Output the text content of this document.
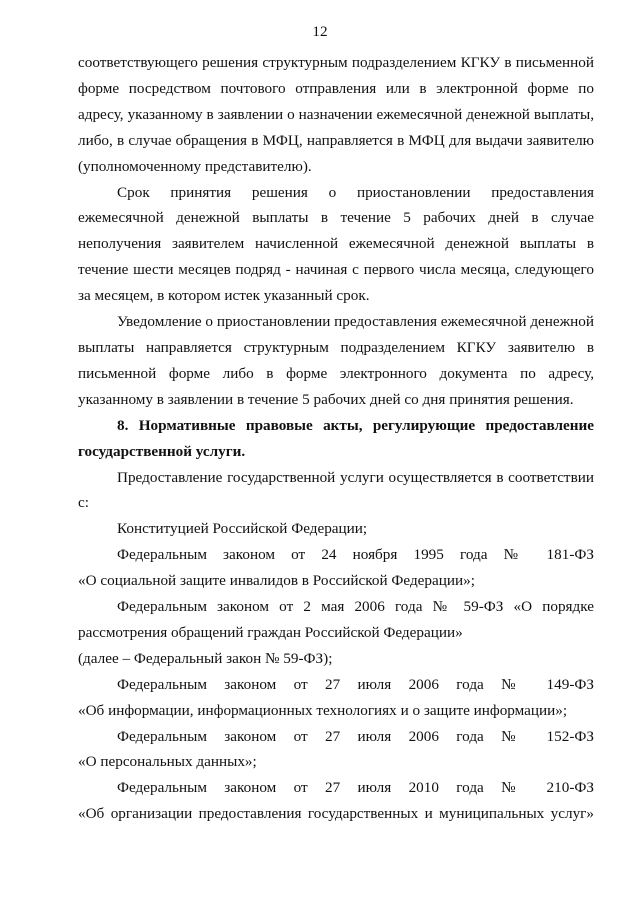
12

соответствующего решения структурным подразделением КГКУ в письменной форме посредством почтового отправления или в электронной форме по адресу, указанному в заявлении о назначении ежемесячной денежной выплаты, либо, в случае обращения в МФЦ, направляется в МФЦ для выдачи заявителю (уполномоченному представителю).

Срок принятия решения о приостановлении предоставления ежемесячной денежной выплаты в течение 5 рабочих дней в случае неполучения заявителем начисленной ежемесячной денежной выплаты в течение шести месяцев подряд - начиная с первого числа месяца, следующего за месяцем, в котором истек указанный срок.

Уведомление о приостановлении предоставления ежемесячной денежной выплаты направляется структурным подразделением КГКУ заявителю в письменной форме либо в форме электронного документа по адресу, указанному в заявлении в течение 5 рабочих дней со дня принятия решения.

8. Нормативные правовые акты, регулирующие предоставление государственной услуги.

Предоставление государственной услуги осуществляется в соответствии с:

Конституцией Российской Федерации;

Федеральным законом от 24 ноября 1995 года № 181-ФЗ

«О социальной защите инвалидов в Российской Федерации»;

Федеральным законом от 2 мая 2006 года № 59-ФЗ «О порядке рассмотрения обращений граждан Российской Федерации»

(далее – Федеральный закон № 59-ФЗ);

Федеральным законом от 27 июля 2006 года № 149-ФЗ

«Об информации, информационных технологиях и о защите информации»;

Федеральным законом от 27 июля 2006 года № 152-ФЗ

«О персональных данных»;

Федеральным законом от 27 июля 2010 года № 210-ФЗ

«Об организации предоставления государственных и муниципальных услуг»
